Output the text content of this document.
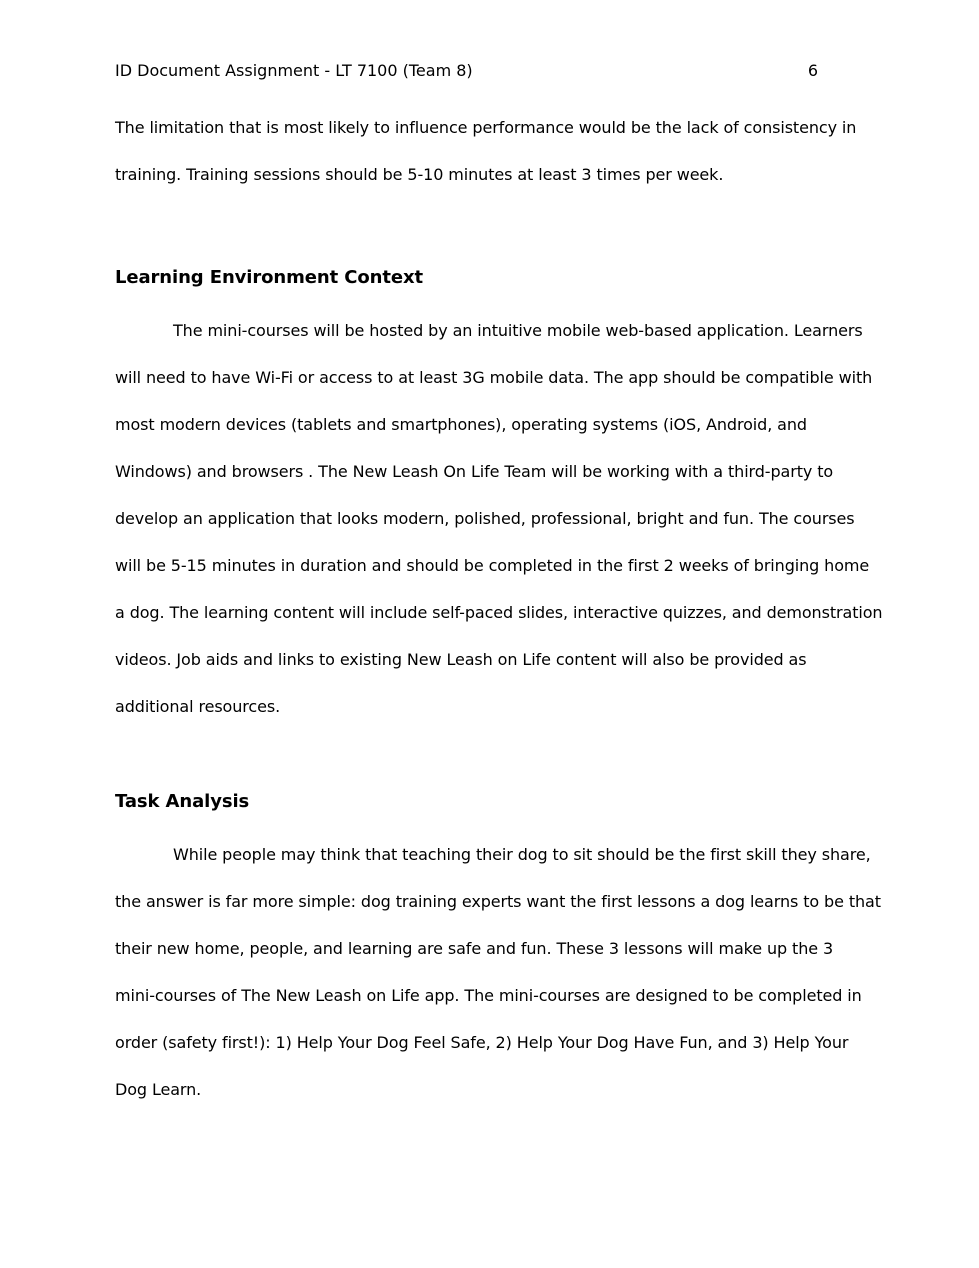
ID Document Assignment - LT 7100 (Team 8)	6
The limitation that is most likely to influence performance would be the lack of consistency in
training. Training sessions should be 5-10 minutes at least 3 times per week.
Learning Environment Context
The mini-courses will be hosted by an intuitive mobile web-based application. Learners
will need to have Wi-Fi or access to at least 3G mobile data. The app should be compatible with
most modern devices (tablets and smartphones), operating systems (iOS, Android, and
Windows) and browsers . The New Leash On Life Team will be working with a third-party to
develop an application that looks modern, polished, professional, bright and fun. The courses
will be 5-15 minutes in duration and should be completed in the first 2 weeks of bringing home
a dog. The learning content will include self-paced slides, interactive quizzes, and demonstration
videos. Job aids and links to existing New Leash on Life content will also be provided as
additional resources.
Task Analysis
While people may think that teaching their dog to sit should be the first skill they share,
the answer is far more simple: dog training experts want the first lessons a dog learns to be that
their new home, people, and learning are safe and fun. These 3 lessons will make up the 3
mini-courses of The New Leash on Life app. The mini-courses are designed to be completed in
order (safety first!): 1) Help Your Dog Feel Safe, 2) Help Your Dog Have Fun, and 3) Help Your
Dog Learn.
